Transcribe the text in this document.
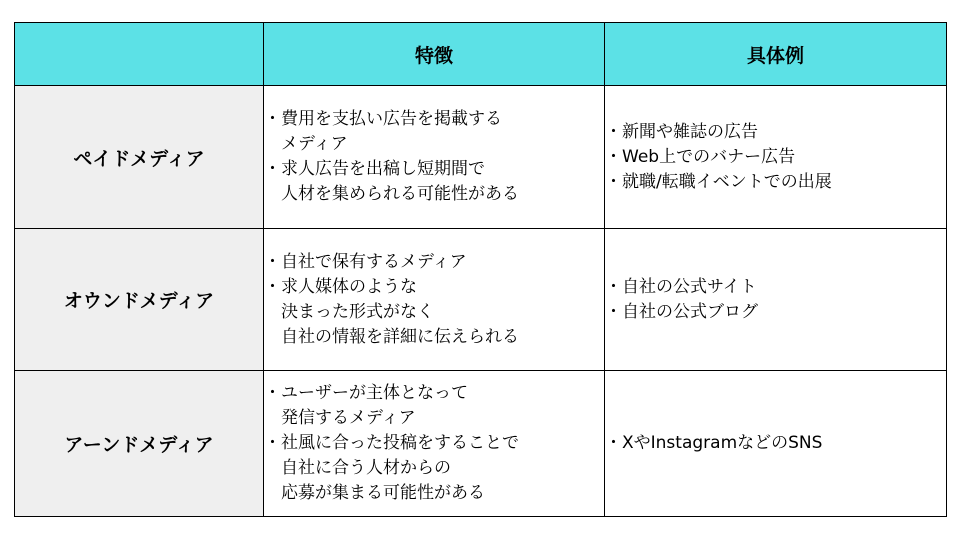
	特徴	具体例
ペイドメディア	・費用を支払い広告を掲載する
　メディア
・求人広告を出稿し短期間で
　人材を集められる可能性がある	・新聞や雑誌の広告
・Web上でのバナー広告
・就職/転職イベントでの出展

オウンドメディア	・自社で保有するメディア
・求人媒体のような
　決まった形式がなく
　自社の情報を詳細に伝えられる	・自社の公式サイト
・自社の公式ブログ

アーンドメディア	・ユーザーが主体となって
　発信するメディア
・社風に合った投稿をすることで
　自社に合う人材からの
　応募が集まる可能性がある	・XやInstagramなどのSNS
